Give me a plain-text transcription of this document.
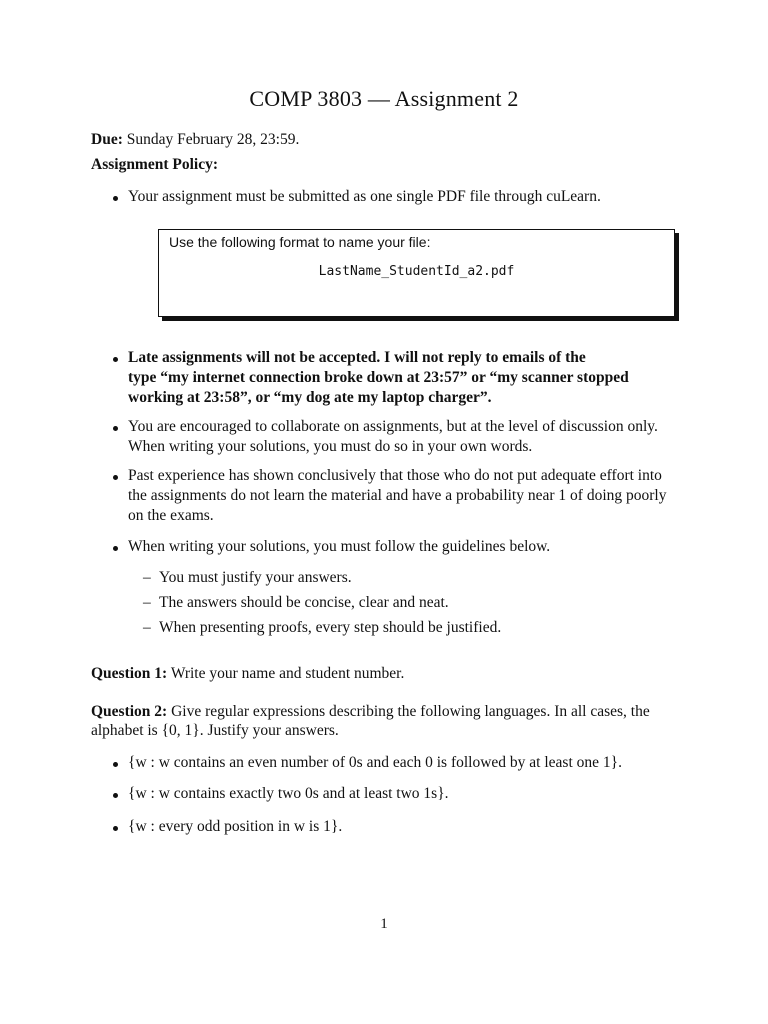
COMP 3803 — Assignment 2
Due: Sunday February 28, 23:59.
Assignment Policy:
Your assignment must be submitted as one single PDF file through cuLearn.
Use the following format to name your file:
LastName_StudentId_a2.pdf
Late assignments will not be accepted. I will not reply to emails of the
type “my internet connection broke down at 23:57” or “my scanner stopped
working at 23:58”, or “my dog ate my laptop charger”.
You are encouraged to collaborate on assignments, but at the level of discussion only.
When writing your solutions, you must do so in your own words.
Past experience has shown conclusively that those who do not put adequate effort into
the assignments do not learn the material and have a probability near 1 of doing poorly
on the exams.
When writing your solutions, you must follow the guidelines below.
– You must justify your answers.
– The answers should be concise, clear and neat.
– When presenting proofs, every step should be justified.
Question 1: Write your name and student number.
Question 2: Give regular expressions describing the following languages. In all cases, the
alphabet is {0, 1}. Justify your answers.
{w : w contains an even number of 0s and each 0 is followed by at least one 1}.
{w : w contains exactly two 0s and at least two 1s}.
{w : every odd position in w is 1}.
1
